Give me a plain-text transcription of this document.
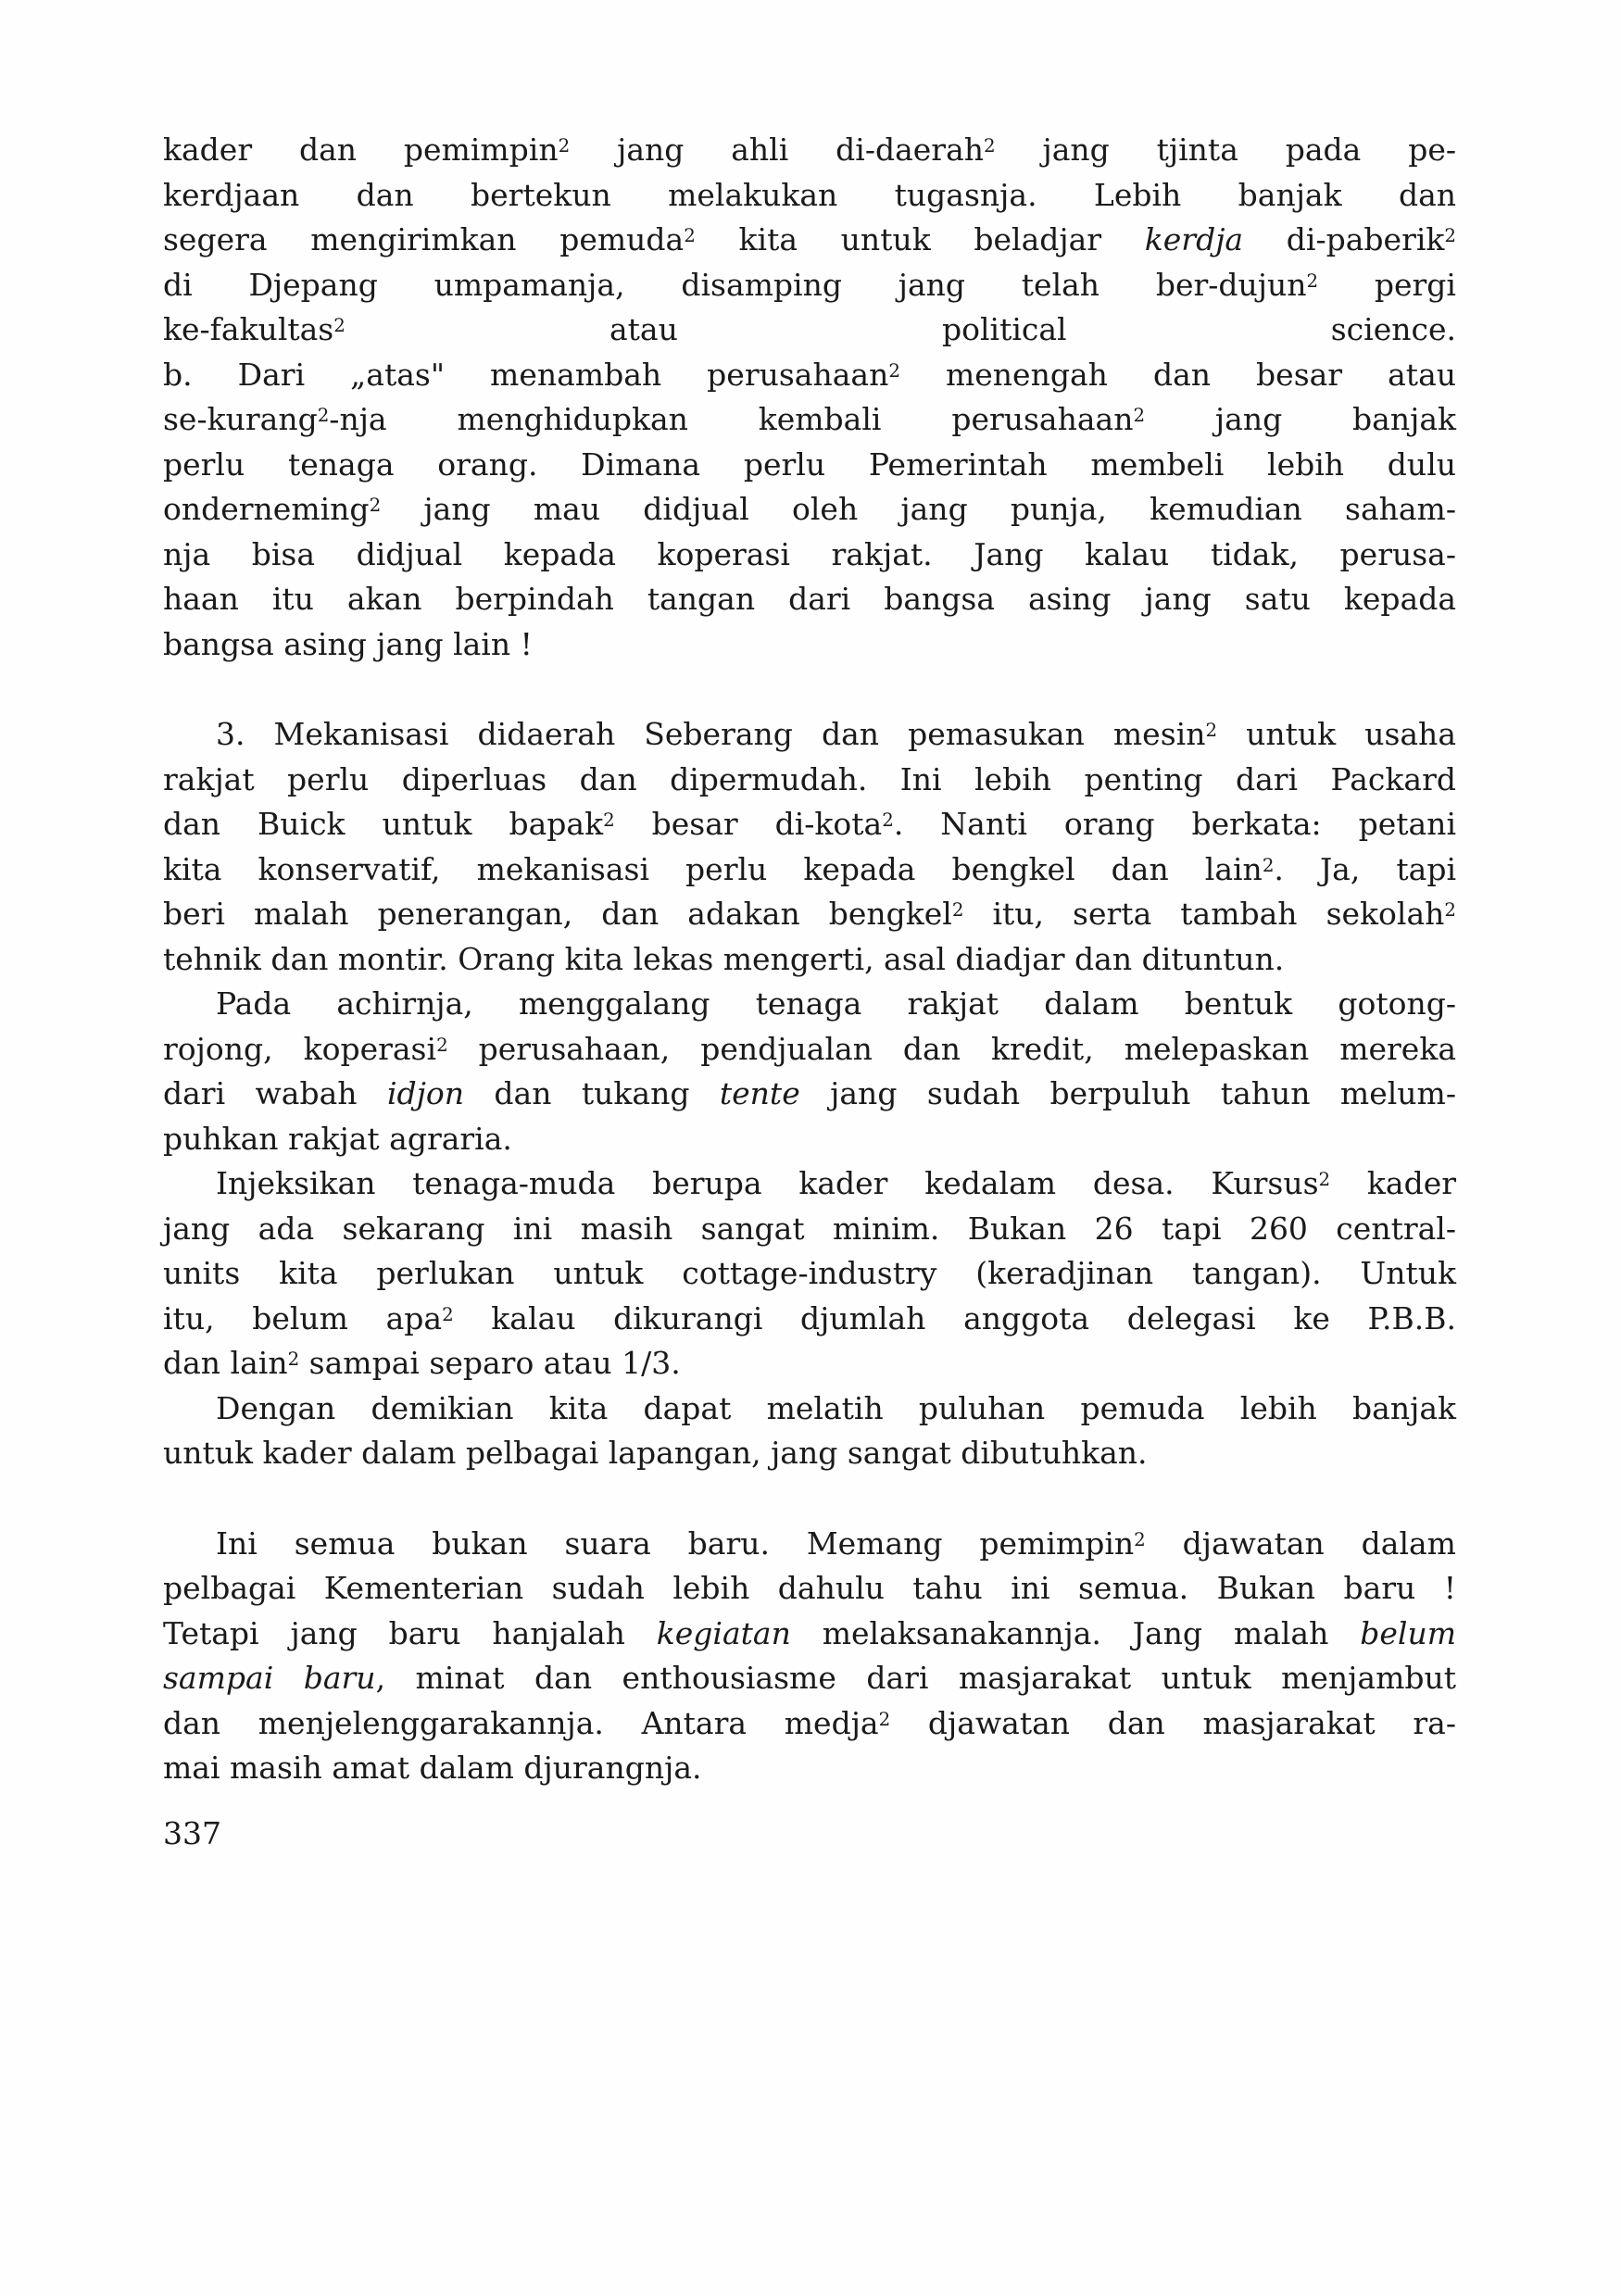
kader dan pemimpin$^2$ jang ahli di-daerah$^2$ jang tjinta pada pe-
kerdjaan dan bertekun melakukan tugasnja. Lebih banjak dan
segera mengirimkan pemuda$^2$ kita untuk beladjar kerdja di-paberik$^2$
di Djepang umpamanja, disamping jang telah ber-dujun$^2$ pergi
ke-fakultas$^2$ atau political science.
b. Dari „atas" menambah perusahaan$^2$ menengah dan besar atau
se-kurang$^2$-nja menghidupkan kembali perusahaan$^2$ jang banjak
perlu tenaga orang. Dimana perlu Pemerintah membeli lebih dulu
onderneming$^2$ jang mau didjual oleh jang punja, kemudian saham-
nja bisa didjual kepada koperasi rakjat. Jang kalau tidak, perusa-
haan itu akan berpindah tangan dari bangsa asing jang satu kepada
bangsa asing jang lain !
3. Mekanisasi didaerah Seberang dan pemasukan mesin$^2$ untuk usaha
rakjat perlu diperluas dan dipermudah. Ini lebih penting dari Packard
dan Buick untuk bapak$^2$ besar di-kota$^2$. Nanti orang berkata: petani
kita konservatif, mekanisasi perlu kepada bengkel dan lain$^2$. Ja, tapi
beri malah penerangan, dan adakan bengkel$^2$ itu, serta tambah sekolah$^2$
tehnik dan montir. Orang kita lekas mengerti, asal diadjar dan dituntun.
Pada achirnja, menggalang tenaga rakjat dalam bentuk gotong-
rojong, koperasi$^2$ perusahaan, pendjualan dan kredit, melepaskan mereka
dari wabah idjon dan tukang tente jang sudah berpuluh tahun melum-
puhkan rakjat agraria.
Injeksikan tenaga-muda berupa kader kedalam desa. Kursus$^2$ kader
jang ada sekarang ini masih sangat minim. Bukan 26 tapi 260 central-
units kita perlukan untuk cottage-industry (keradjinan tangan). Untuk
itu, belum apa$^2$ kalau dikurangi djumlah anggota delegasi ke P.B.B.
dan lain$^2$ sampai separo atau 1/3.
Dengan demikian kita dapat melatih puluhan pemuda lebih banjak
untuk kader dalam pelbagai lapangan, jang sangat dibutuhkan.
Ini semua bukan suara baru. Memang pemimpin$^2$ djawatan dalam
pelbagai Kementerian sudah lebih dahulu tahu ini semua. Bukan baru !
Tetapi jang baru hanjalah kegiatan melaksanakannja. Jang malah belum
sampai baru, minat dan enthousiasme dari masjarakat untuk menjambut
dan menjelenggarakannja. Antara medja$^2$ djawatan dan masjarakat ra-
mai masih amat dalam djurangnja.
337
